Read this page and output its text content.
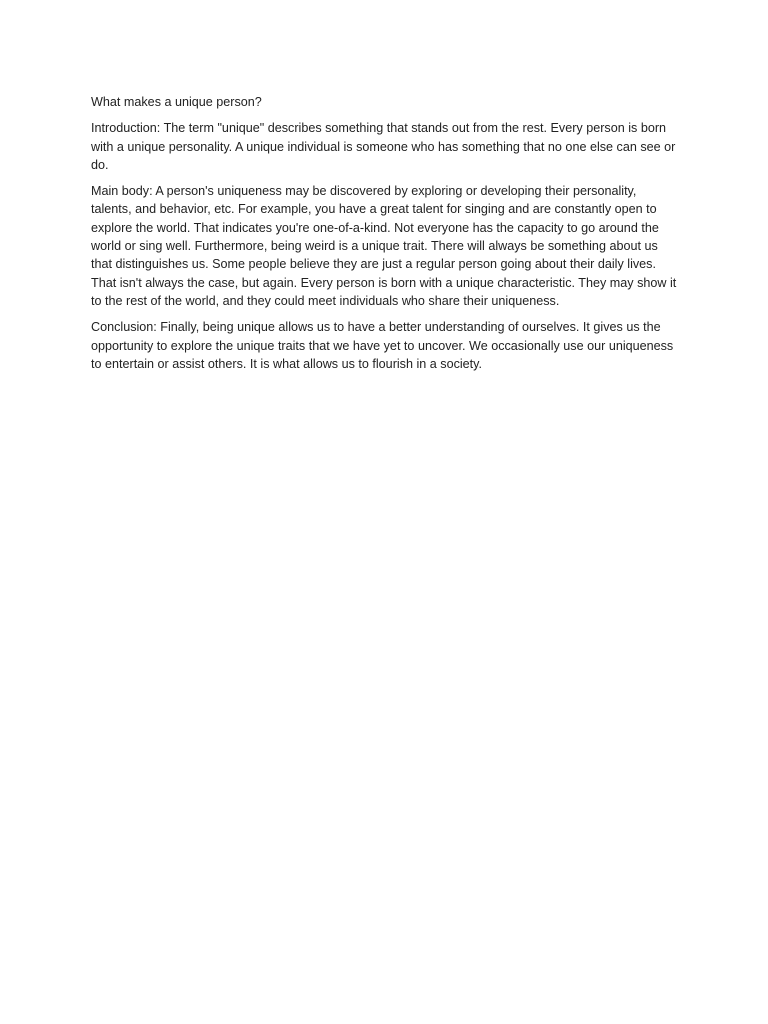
What makes a unique person?

Introduction: The term "unique" describes something that stands out from the rest. Every person is born with a unique personality. A unique individual is someone who has something that no one else can see or do.

Main body: A person's uniqueness may be discovered by exploring or developing their personality, talents, and behavior, etc. For example, you have a great talent for singing and are constantly open to explore the world. That indicates you're one-of-a-kind. Not everyone has the capacity to go around the world or sing well. Furthermore, being weird is a unique trait. There will always be something about us that distinguishes us. Some people believe they are just a regular person going about their daily lives. That isn't always the case, but again. Every person is born with a unique characteristic. They may show it to the rest of the world, and they could meet individuals who share their uniqueness.

Conclusion: Finally, being unique allows us to have a better understanding of ourselves. It gives us the opportunity to explore the unique traits that we have yet to uncover. We occasionally use our uniqueness to entertain or assist others. It is what allows us to flourish in a society.
